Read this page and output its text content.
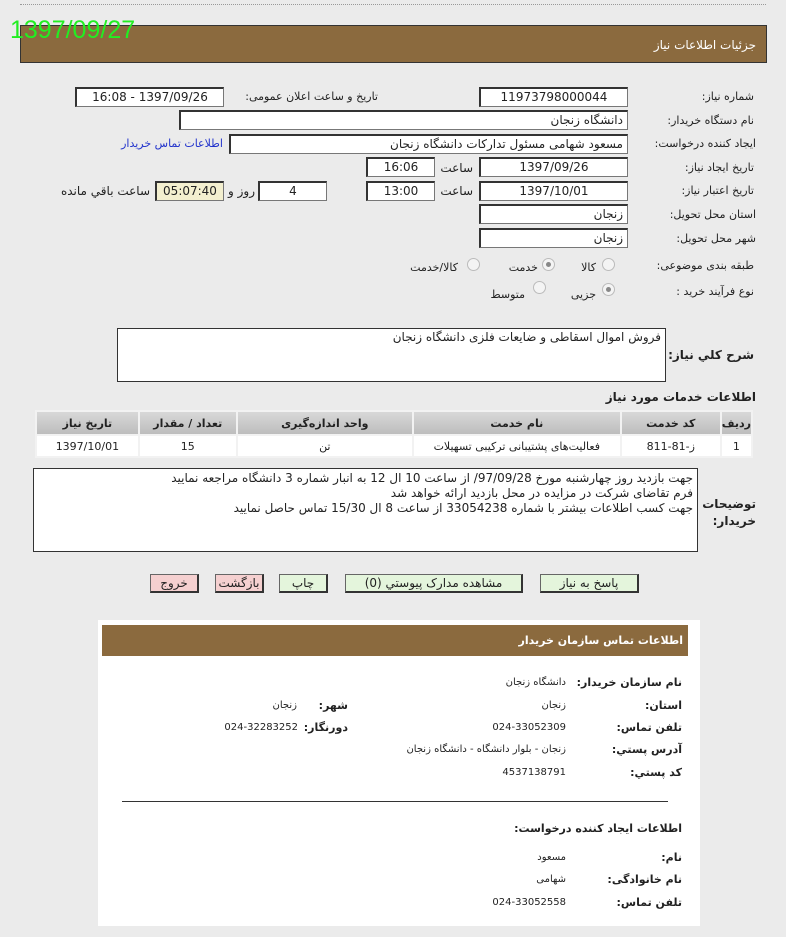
جزئیات اطلاعات نیاز
1397/09/27
شماره نیاز:
1197379800004‌4
تاریخ و ساعت اعلان عمومی:
1397/09/26 - 16:08
نام دستگاه خریدار:
دانشگاه زنجان
ایجاد کننده درخواست:
مسعود شهامی مسئول تدارکات دانشگاه زنجان
اطلاعات تماس خریدار
تاریخ ایجاد نیاز:
1397/09/26
ساعت
16:06
تاریخ اعتبار نیاز:
1397/10/01
ساعت
13:00
4
روز و
05:07:40
ساعت باقي مانده
استان محل تحویل:
زنجان
شهر محل تحویل:
زنجان
طبقه بندی موضوعی:
کالا
خدمت
کالا/خدمت
نوع فرآیند خرید :
جزیی
متوسط
شرح كلي نياز:
فروش اموال اسقاطی و ضایعات فلزی دانشگاه زنجان
اطلاعات خدمات مورد نیاز
ردیف	کد خدمت	نام خدمت	واحد اندازه‌گیری	تعداد / مقدار	تاریخ نیاز
1	ز-81-811	فعالیت‌های پشتیبانی ترکیبی تسهیلات	تن	15	1397/10/01
توضیحات خریدار:
جهت بازدید روز چهارشنبه مورخ 97/09/28/ از ساعت 10 ال 12 به انبار شماره 3 دانشگاه مراجعه نمایید
فرم تقاضای شرکت در مزایده در محل بازدید ارائه خواهد شد
جهت کسب اطلاعات بیشتر با شماره 33054238 از ساعت 8 ال 15/30 تماس حاصل نمایید
پاسخ به نیاز
مشاهده مدارک پیوستي (0)
چاپ
بازگشت
خروج
اطلاعات تماس سازمان خریدار
نام سازمان خریدار:
دانشگاه زنجان
استان:
زنجان
شهر:
زنجان
تلفن تماس:
024-33052309
دورنگار:
024-32283252
آدرس پستي:
زنجان - بلوار دانشگاه - دانشگاه زنجان
کد پستي:
4537138791
اطلاعات ایجاد کننده درخواست:
نام:
مسعود
نام خانوادگی:
شهامی
تلفن تماس:
024-33052558
